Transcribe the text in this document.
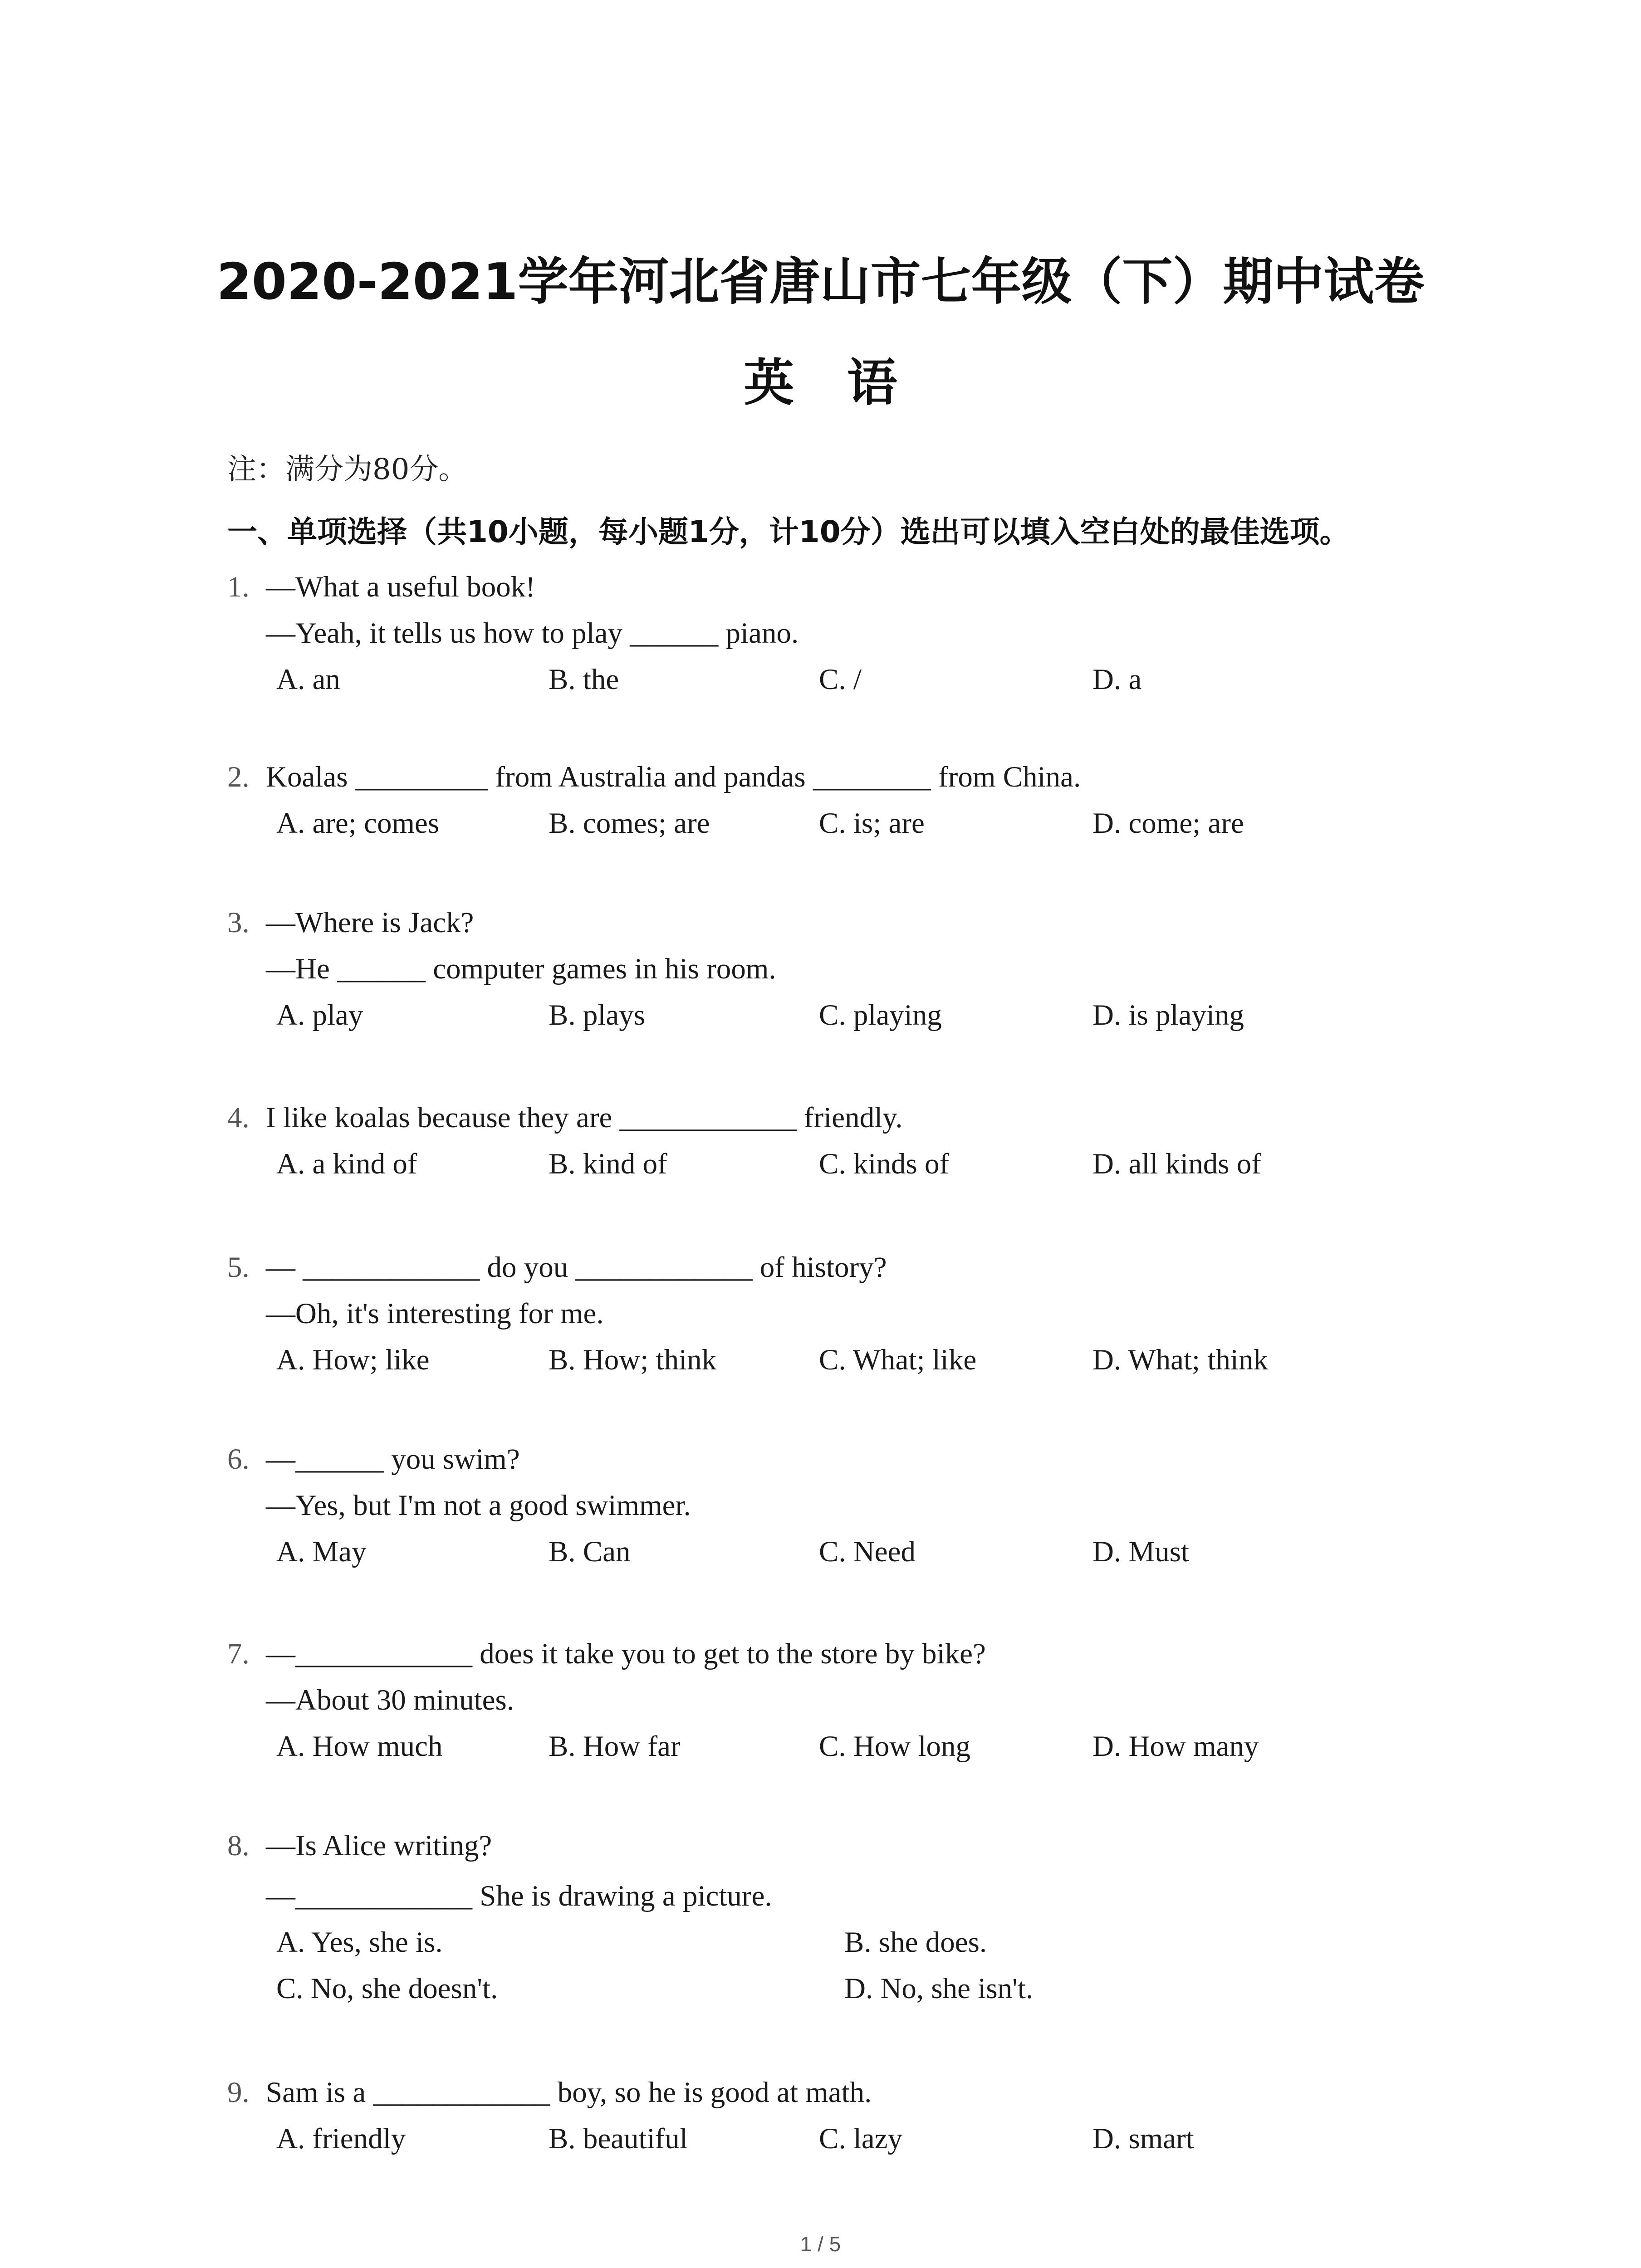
2020-2021学年河北省唐山市七年级（下）期中试卷
英 语
注：满分为80分。
一、单项选择（共10小题，每小题1分，计10分）选出可以填入空白处的最佳选项。
1. —What a useful book!
—Yeah, it tells us how to play ______ piano.
A. an	B. the	C. /	D. a
2. Koalas _________ from Australia and pandas ________ from China.
A. are; comes	B. comes; are	C. is; are	D. come; are
3. —Where is Jack?
—He ______ computer games in his room.
A. play	B. plays	C. playing	D. is playing
4. I like koalas because they are ____________ friendly.
A. a kind of	B. kind of	C. kinds of	D. all kinds of
5. — ____________ do you ____________ of history?
—Oh, it's interesting for me.
A. How; like	B. How; think	C. What; like	D. What; think
6. —______ you swim?
—Yes, but I'm not a good swimmer.
A. May	B. Can	C. Need	D. Must
7. —____________ does it take you to get to the store by bike?
—About 30 minutes.
A. How much	B. How far	C. How long	D. How many
8. —Is Alice writing?
—____________ She is drawing a picture.
A. Yes, she is.	B. she does.
C. No, she doesn't.	D. No, she isn't.
9. Sam is a ____________ boy, so he is good at math.
A. friendly	B. beautiful	C. lazy	D. smart
1 / 5
